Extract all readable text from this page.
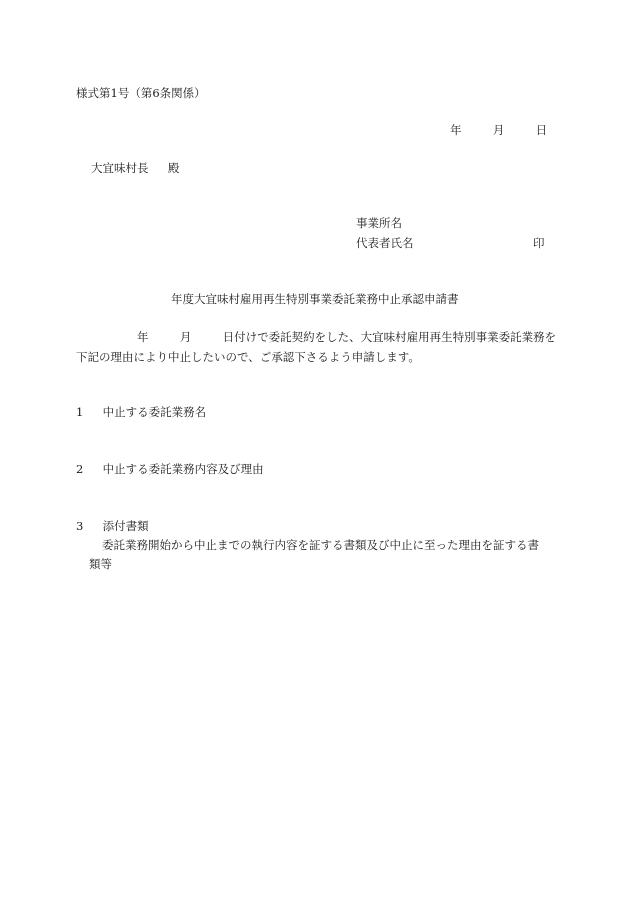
様式第1号（第6条関係）
年	月	日
大宜味村長 殿
事業所名
代表者氏名	印
年度大宜味村雇用再生特別事業委託業務中止承認申請書
年	月	日付けで委託契約をした、大宜味村雇用再生特別事業委託業務を
下記の理由により中止したいので、ご承認下さるよう申請します。
1 中止する委託業務名
2 中止する委託業務内容及び理由
3 添付書類
委託業務開始から中止までの執行内容を証する書類及び中止に至った理由を証する書
類等
